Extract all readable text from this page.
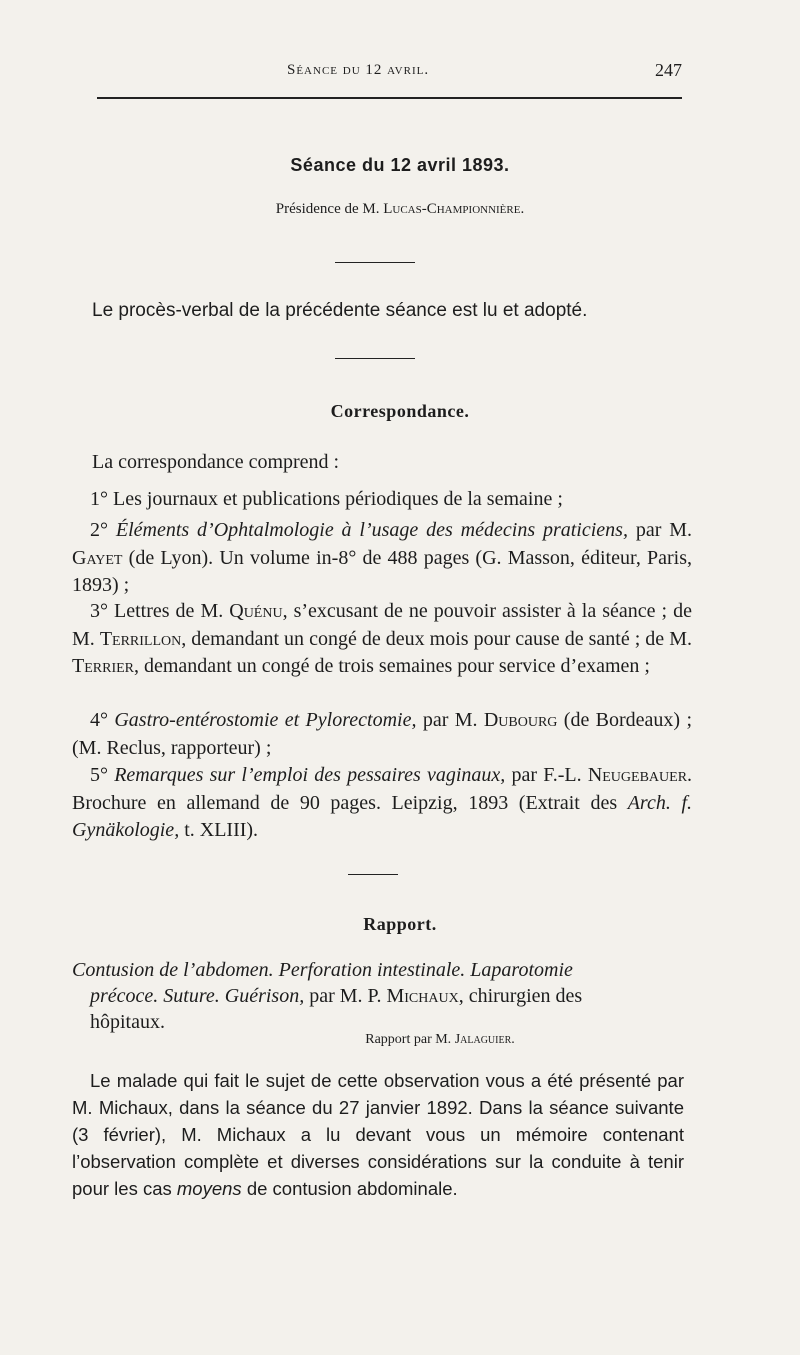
Séance du 12 avril.	247
Séance du 12 avril 1893.
Présidence de M. Lucas-Championnière.
Le procès-verbal de la précédente séance est lu et adopté.
Correspondance.
La correspondance comprend :
1° Les journaux et publications périodiques de la semaine ;
2° Éléments d’Ophtalmologie à l’usage des médecins praticiens, par M. Gayet (de Lyon). Un volume in-8° de 488 pages (G. Masson, éditeur, Paris, 1893) ;
3° Lettres de M. Quénu, s’excusant de ne pouvoir assister à la séance ; de M. Terrillon, demandant un congé de deux mois pour cause de santé ; de M. Terrier, demandant un congé de trois semaines pour service d’examen ;
4° Gastro-entérostomie et Pylorectomie, par M. Dubourg (de Bordeaux) ; (M. Reclus, rapporteur) ;
5° Remarques sur l’emploi des pessaires vaginaux, par F.-L. Neugebauer. Brochure en allemand de 90 pages. Leipzig, 1893 (Extrait des Arch. f. Gynäkologie, t. XLIII).
Rapport.
Contusion de l’abdomen. Perforation intestinale. Laparotomie
précoce. Suture. Guérison, par M. P. Michaux, chirurgien des
hôpitaux.
Rapport par M. Jalaguier.
Le malade qui fait le sujet de cette observation vous a été présenté par M. Michaux, dans la séance du 27 janvier 1892. Dans la séance suivante (3 février), M. Michaux a lu devant vous un mémoire contenant l’observation complète et diverses considérations sur la conduite à tenir pour les cas moyens de contusion abdominale.
